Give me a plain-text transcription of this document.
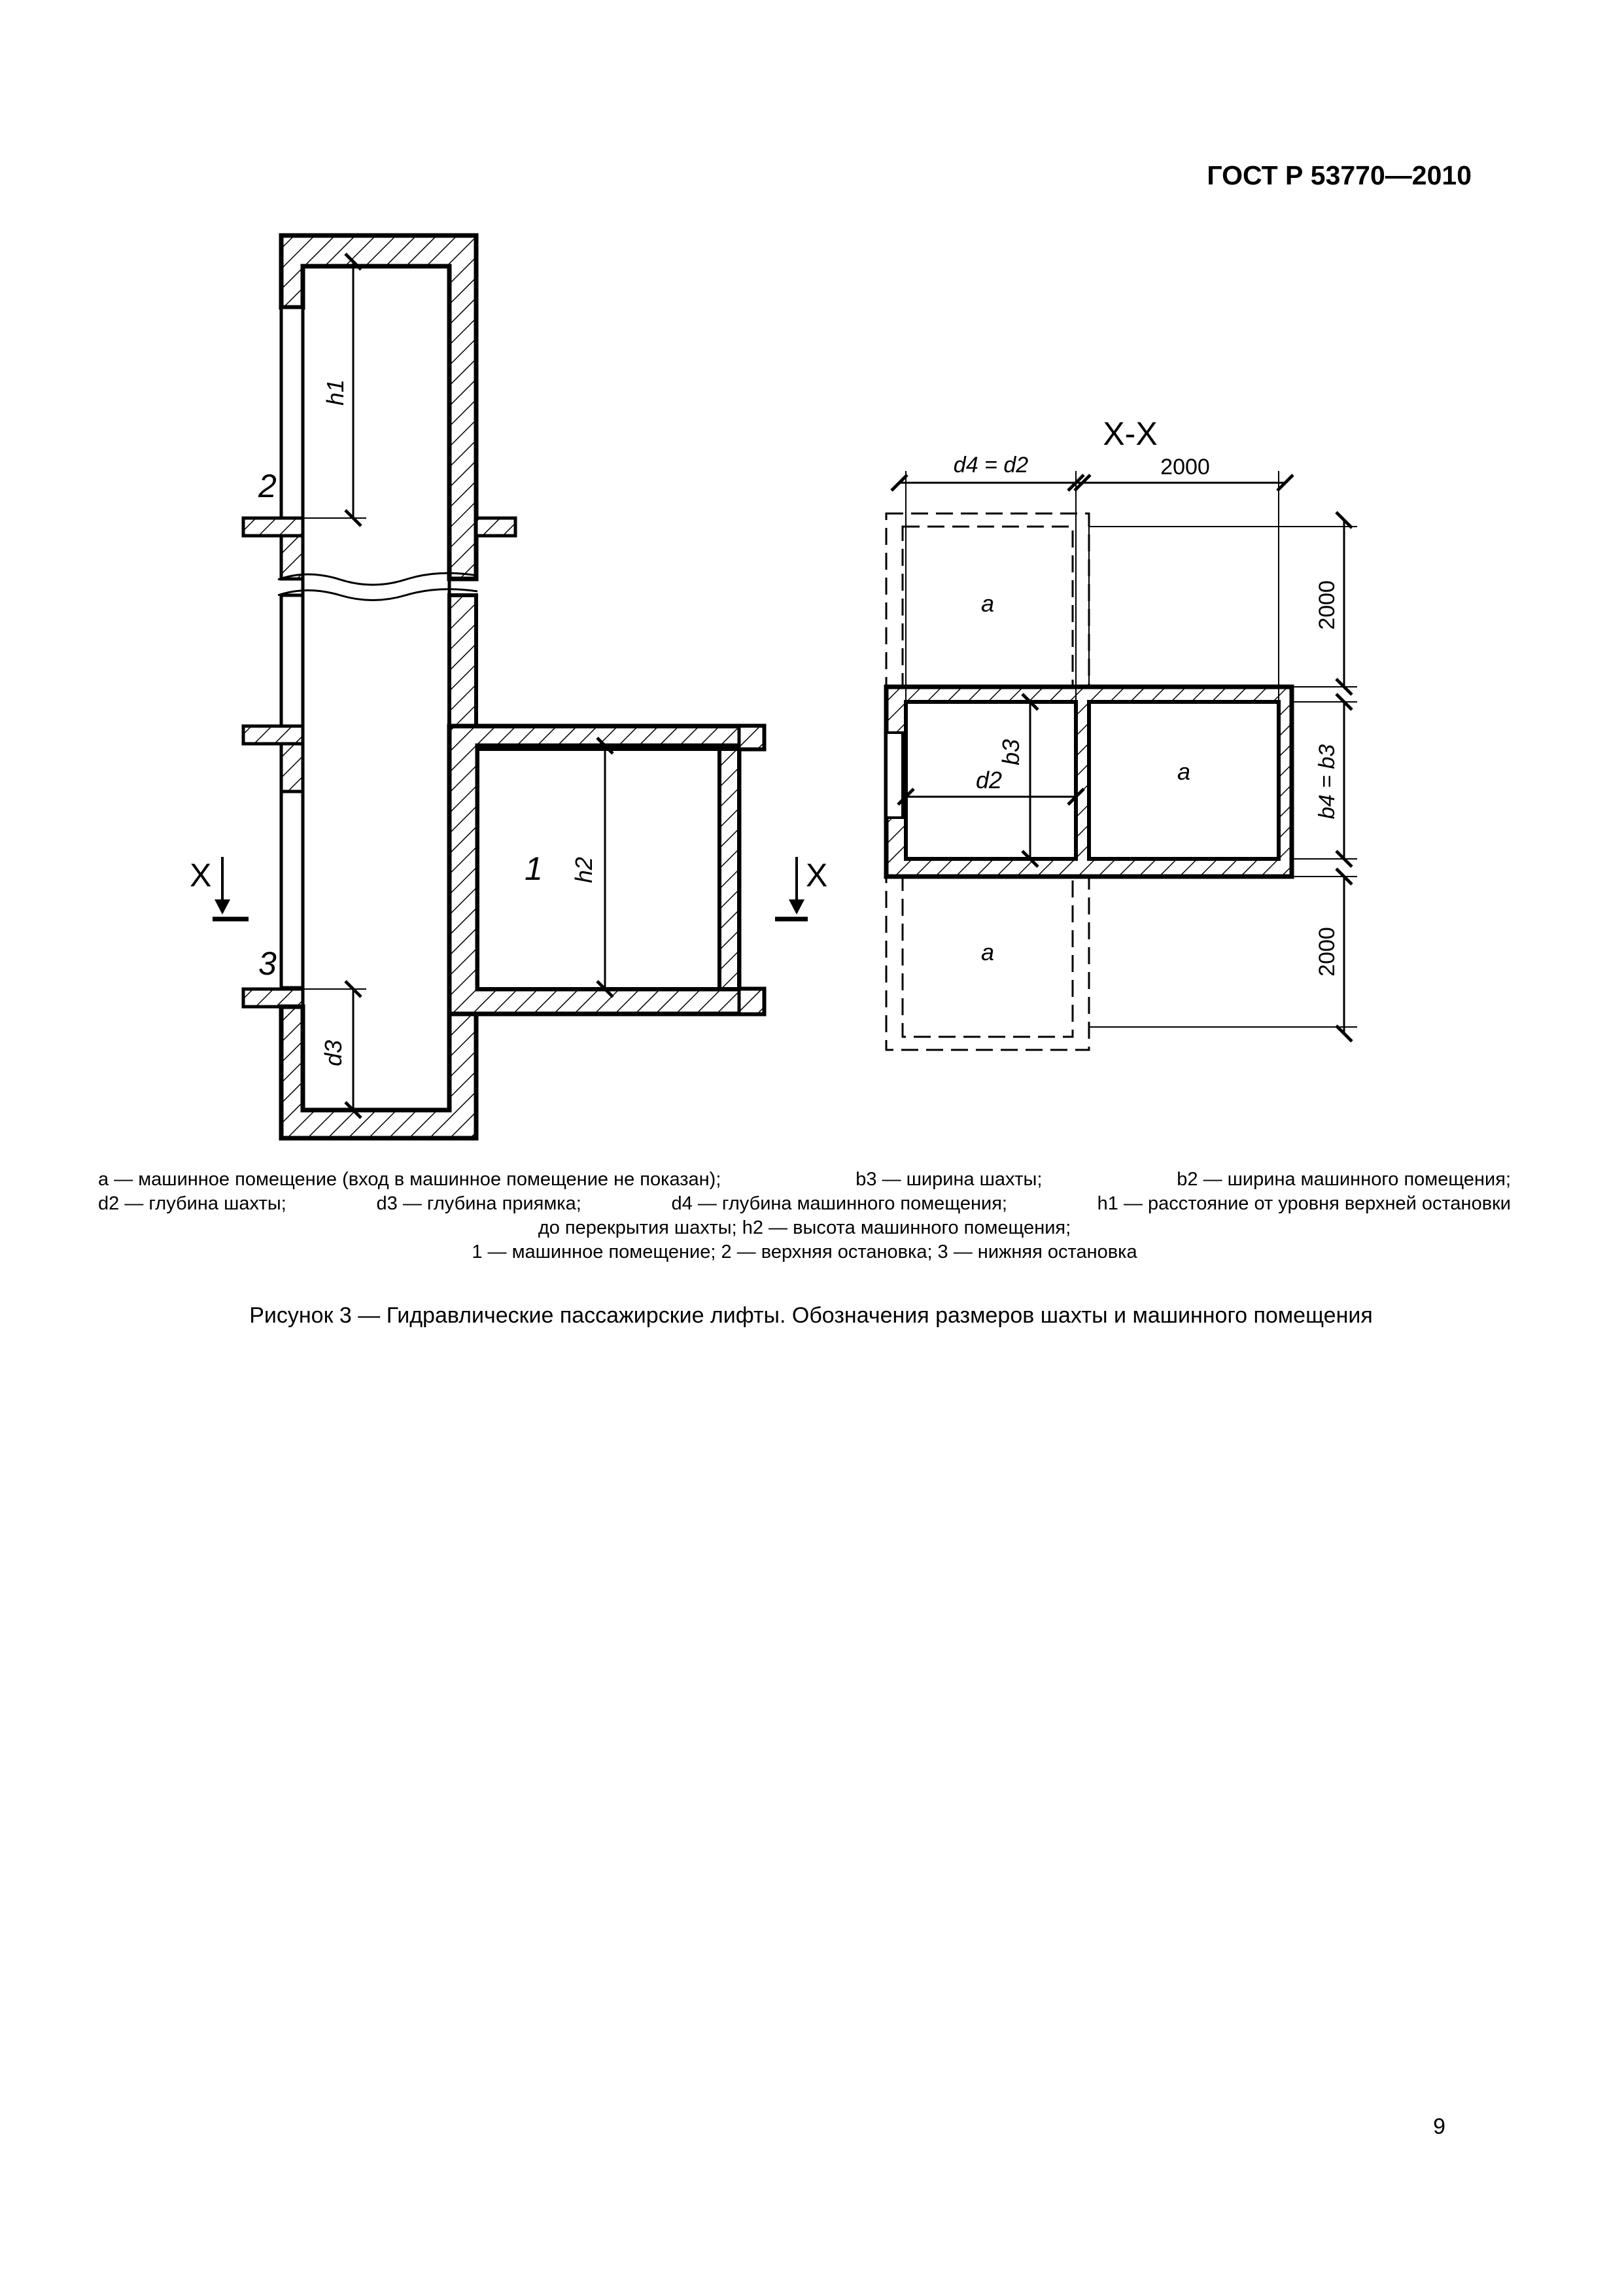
ГОСТ Р 53770—2010
h1
h2
d3
2
3
1
X	X
X-X
b3
d2
a
a
a
d4 = d2	2000
2000
b4 = b3
2000
a — машинное помещение (вход в машинное помещение не показан);	b3 — ширина шахты;	b2 — ширина машинного помещения;
d2 — глубина шахты;	d3 — глубина приямка;	d4 — глубина машинного помещения;	h1 — расстояние от уровня верхней остановки
до перекрытия шахты; h2 — высота машинного помещения;
1 — машинное помещение; 2 — верхняя остановка; 3 — нижняя остановка
Рисунок 3 — Гидравлические пассажирские лифты. Обозначения размеров шахты и машинного помещения
9
